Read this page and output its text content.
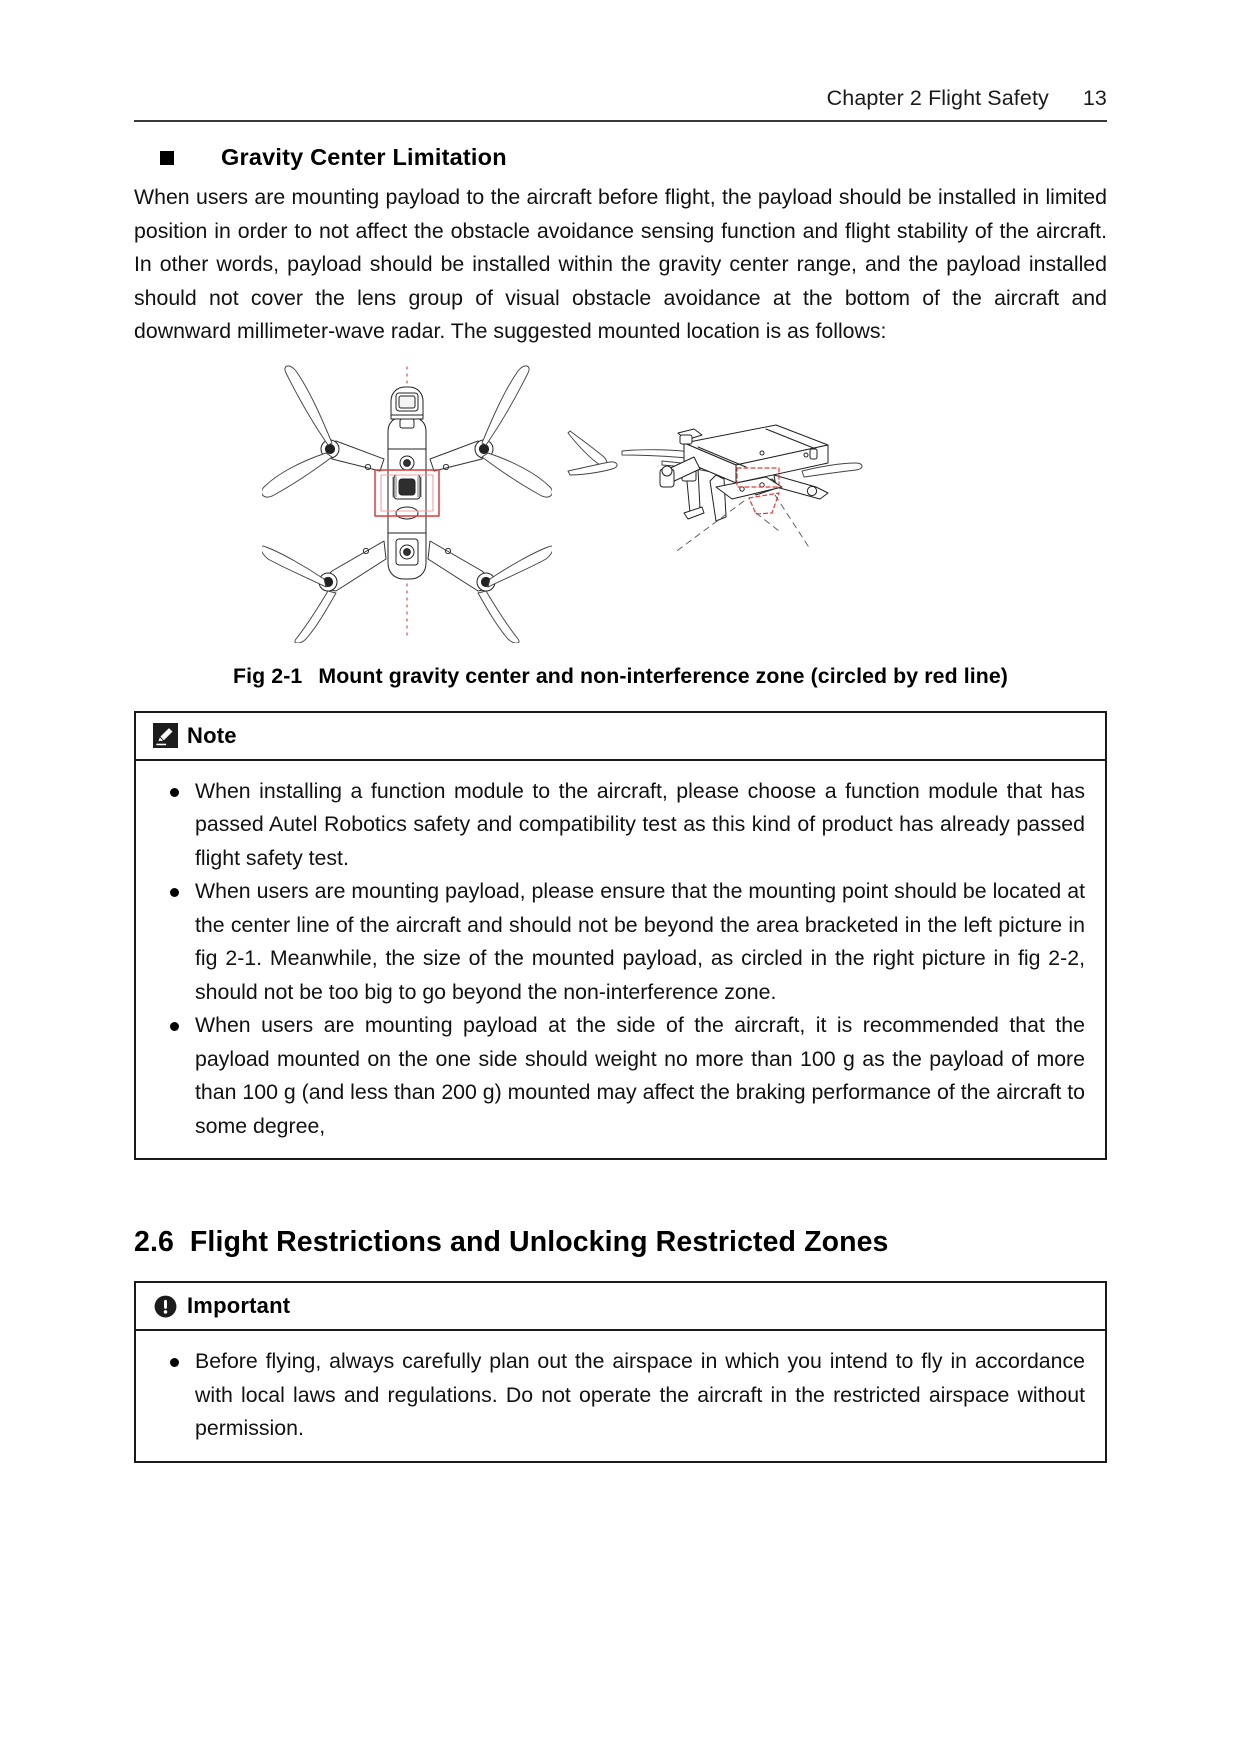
Chapter 2 Flight Safety 13
Gravity Center Limitation

When users are mounting payload to the aircraft before flight, the payload should be installed in limited position in order to not affect the obstacle avoidance sensing function and flight stability of the aircraft. In other words, payload should be installed within the gravity center range, and the payload installed should not cover the lens group of visual obstacle avoidance at the bottom of the aircraft and downward millimeter-wave radar. The suggested mounted location is as follows:

Fig 2-1 Mount gravity center and non-interference zone (circled by red line)
Note
When installing a function module to the aircraft, please choose a function module that has passed Autel Robotics safety and compatibility test as this kind of product has already passed flight safety test.
When users are mounting payload, please ensure that the mounting point should be located at the center line of the aircraft and should not be beyond the area bracketed in the left picture in fig 2-1. Meanwhile, the size of the mounted payload, as circled in the right picture in fig 2-2, should not be too big to go beyond the non-interference zone.
When users are mounting payload at the side of the aircraft, it is recommended that the payload mounted on the one side should weight no more than 100 g as the payload of more than 100 g (and less than 200 g) mounted may affect the braking performance of the aircraft to some degree,
2.6 Flight Restrictions and Unlocking Restricted Zones
Important
Before flying, always carefully plan out the airspace in which you intend to fly in accordance with local laws and regulations. Do not operate the aircraft in the restricted airspace without permission.
